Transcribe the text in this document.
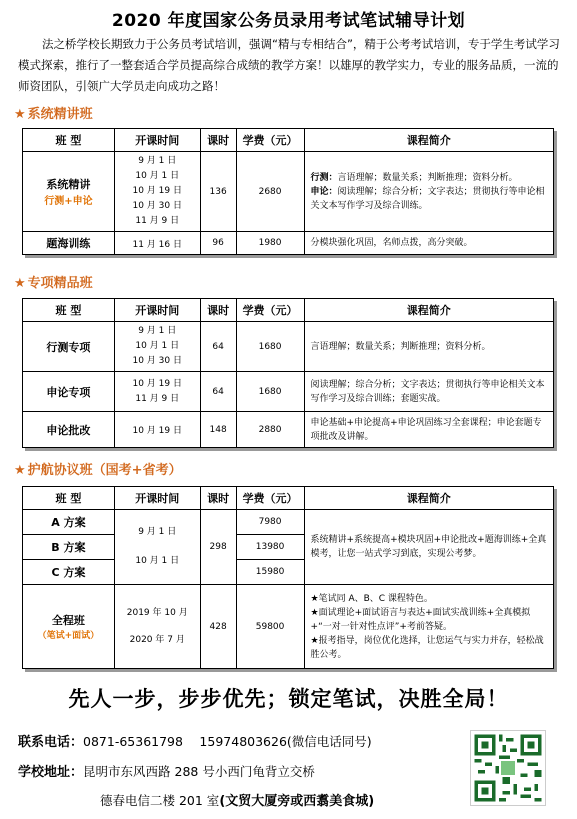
2020 年度国家公务员录用考试笔试辅导计划
法之桥学校长期致力于公务员考试培训，强调“精与专相结合”，精于公考考试培训，专于学生考试学习模式探索，推行了一整套适合学员提高综合成绩的教学方案！以雄厚的教学实力，专业的服务品质，一流的师资团队，引领广大学员走向成功之路！
★ 系统精讲班
班 型	开课时间	课时	学费（元）	课程简介
系统精讲
行测+申论	9 月 1 日
10 月 1 日
10 月 19 日
10 月 30 日
11 月 9 日	136	2680	行测：言语理解；数量关系；判断推理；资料分析。
申论：阅读理解；综合分析；文字表达；贯彻执行等申论相关文本写作学习及综合训练。
题海训练	11 月 16 日	96	1980	分模块强化巩固，名师点拨，高分突破。
★ 专项精品班
班 型	开课时间	课时	学费（元）	课程简介
行测专项	9 月 1 日
10 月 1 日
10 月 30 日	64	1680	言语理解；数量关系；判断推理；资料分析。
申论专项	10 月 19 日
11 月 9 日	64	1680	阅读理解；综合分析；文字表达；贯彻执行等申论相关文本写作学习及综合训练；套题实战。
申论批改	10 月 19 日	148	2880	申论基础+申论提高+申论巩固练习全套课程；申论套题专项批改及讲解。
★ 护航协议班（国考+省考）
班 型	开课时间	课时	学费（元）	课程简介
A 方案	9 月 1 日
10 月 1 日	298	7980	系统精讲+系统提高+模块巩固+申论批改+题海训练+全真模考，让您一站式学习到底，实现公考梦。
B 方案			13980	
C 方案			15980	
全程班
（笔试+面试）	2019 年 10 月
2020 年 7 月	428	59800	★笔试同 A、B、C 课程特色。
★面试理论+面试语言与表达+面试实战训练+全真模拟+“一对一针对性点评”+考前答疑。
★报考指导，岗位优化选择，让您运气与实力并存，轻松战胜公考。
先人一步，步步优先；锁定笔试，决胜全局！
联系电话：0871-65361798　 15974803626(微信电话同号)
学校地址：昆明市东风西路 288 号小西门龟背立交桥
德春电信二楼 201 室(文贸大厦旁或西翥美食城)
